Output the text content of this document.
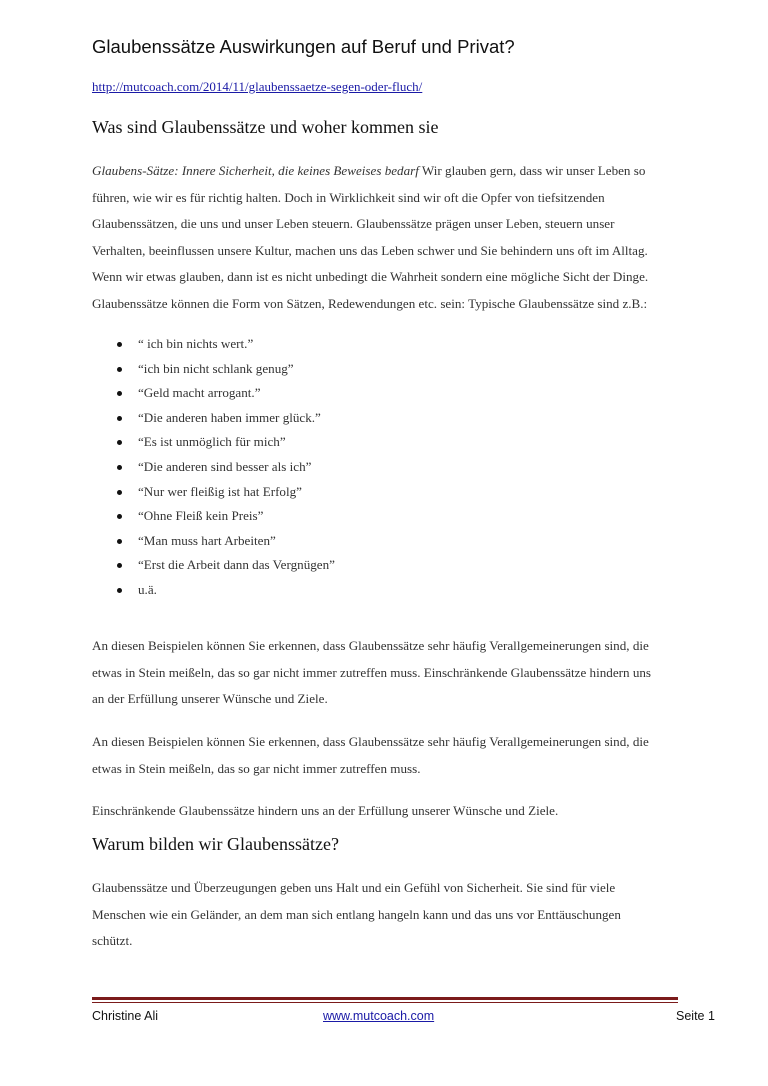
Glaubenssätze Auswirkungen auf Beruf und Privat?
http://mutcoach.com/2014/11/glaubenssaetze-segen-oder-fluch/
Was sind Glaubenssätze und woher kommen sie
Glaubens-Sätze: Innere Sicherheit, die keines Beweises bedarf Wir glauben gern, dass wir unser Leben so
führen, wie wir es für richtig halten. Doch in Wirklichkeit sind wir oft die Opfer von tiefsitzenden
Glaubenssätzen, die uns und unser Leben steuern. Glaubenssätze prägen unser Leben, steuern unser
Verhalten, beeinflussen unsere Kultur, machen uns das Leben schwer und Sie behindern uns oft im Alltag.
Wenn wir etwas glauben, dann ist es nicht unbedingt die Wahrheit sondern eine mögliche Sicht der Dinge.
Glaubenssätze können die Form von Sätzen, Redewendungen etc. sein: Typische Glaubenssätze sind z.B.:
“ ich bin nichts wert.”
“ich bin nicht schlank genug”
“Geld macht arrogant.”
“Die anderen haben immer glück.”
“Es ist unmöglich für mich”
“Die anderen sind besser als ich”
“Nur wer fleißig ist hat Erfolg”
“Ohne Fleiß kein Preis”
“Man muss hart Arbeiten”
“Erst die Arbeit dann das Vergnügen”
u.ä.
An diesen Beispielen können Sie erkennen, dass Glaubenssätze sehr häufig Verallgemeinerungen sind, die
etwas in Stein meißeln, das so gar nicht immer zutreffen muss. Einschränkende Glaubenssätze hindern uns
an der Erfüllung unserer Wünsche und Ziele.
An diesen Beispielen können Sie erkennen, dass Glaubenssätze sehr häufig Verallgemeinerungen sind, die
etwas in Stein meißeln, das so gar nicht immer zutreffen muss.
Einschränkende Glaubenssätze hindern uns an der Erfüllung unserer Wünsche und Ziele.
Warum bilden wir Glaubenssätze?
Glaubenssätze und Überzeugungen geben uns Halt und ein Gefühl von Sicherheit. Sie sind für viele
Menschen wie ein Geländer, an dem man sich entlang hangeln kann und das uns vor Enttäuschungen
schützt.
Christine Ali	www.mutcoach.com	Seite 1
